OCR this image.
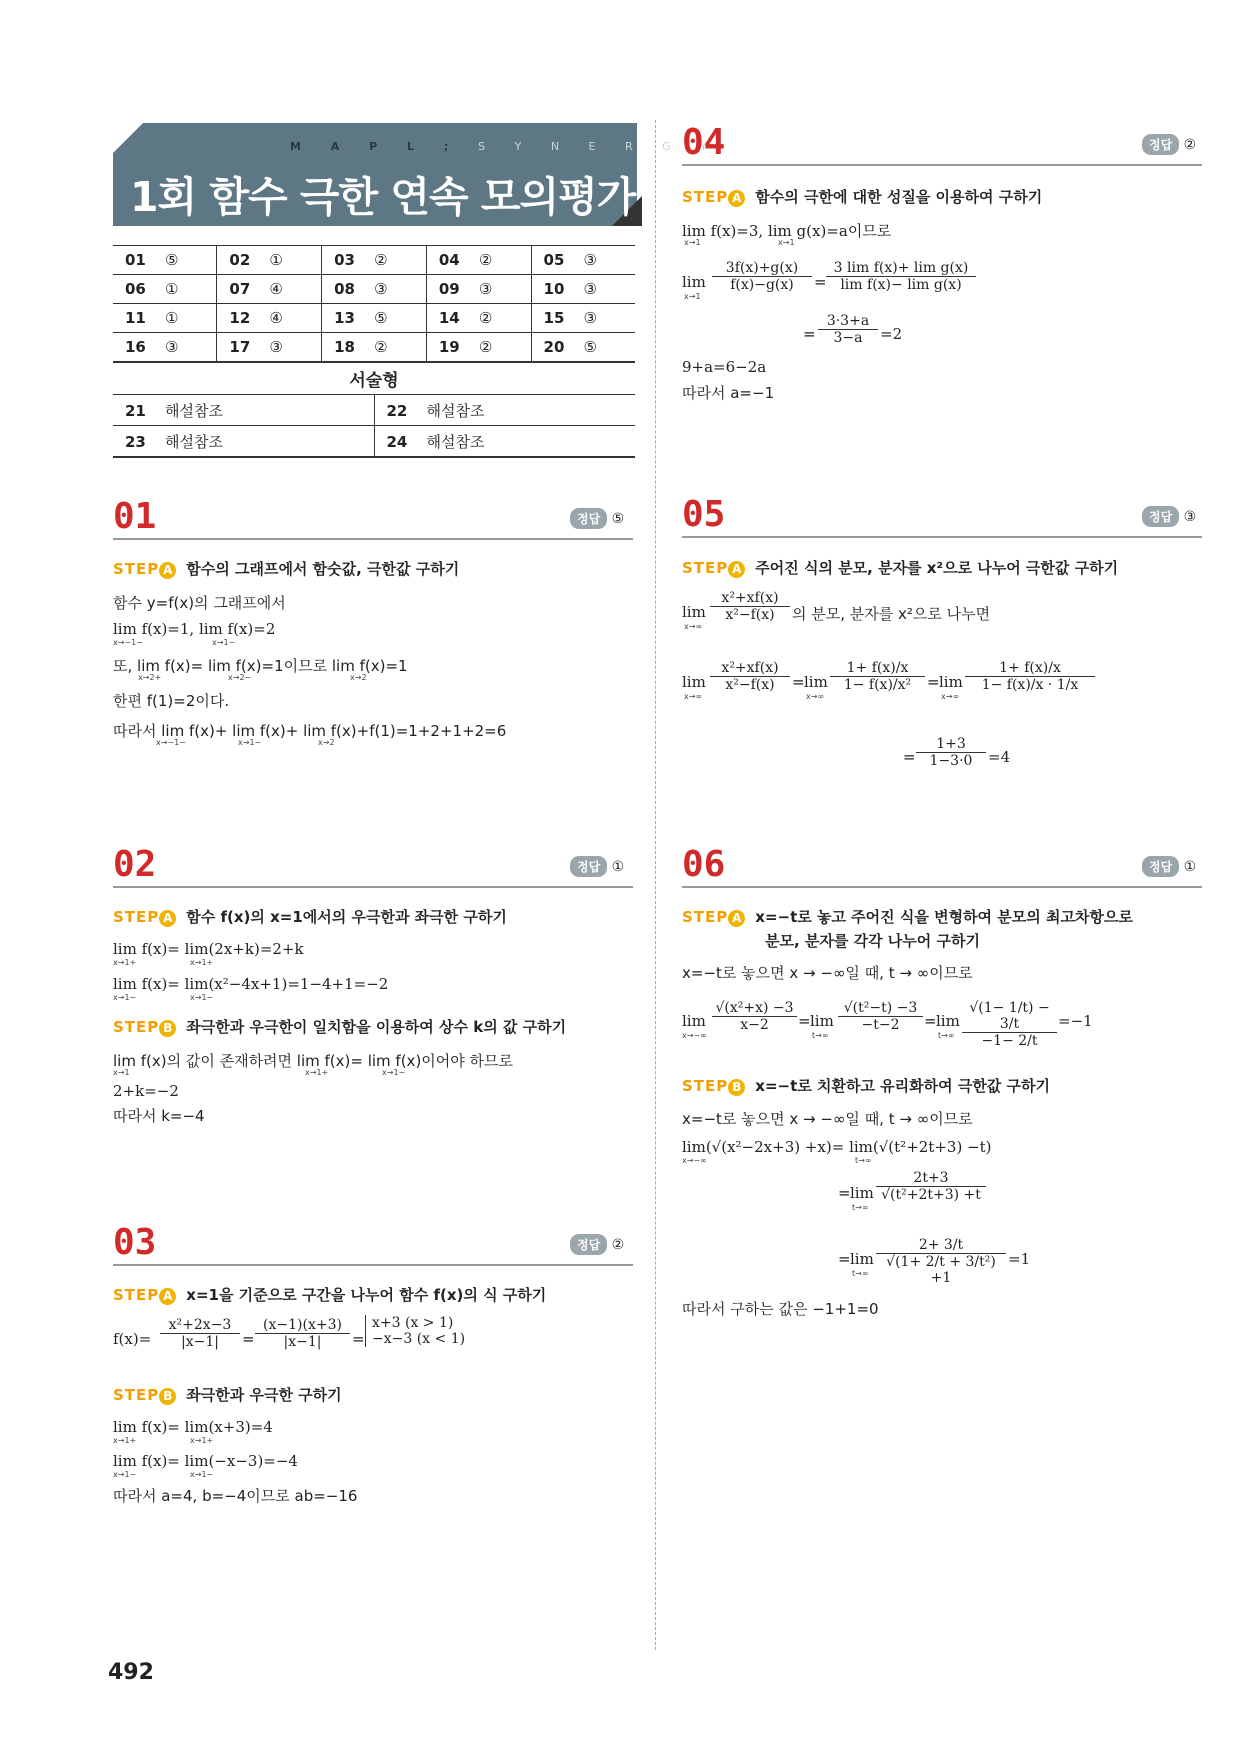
M A P L ; S Y N E R G Y
1회 함수 극한 연속 모의평가
01 ⑤	02 ①	03 ②	04 ②	05 ③
06 ①	07 ④	08 ③	09 ③	10 ③
11 ①	12 ④	13 ⑤	14 ②	15 ③
16 ③	17 ③	18 ②	19 ②	20 ⑤
서술형
21 해설참조	22 해설참조
23 해설참조	24 해설참조
01	정답 ⑤
STEP A 함수의 그래프에서 함숫값, 극한값 구하기
함수 y=f(x)의 그래프에서
lim f(x)=1, lim f(x)=2
x→−1−	x→1−
또, lim f(x)= lim f(x)=1이므로 lim f(x)=1
x→2+	x→2−	x→2
한편 f(1)=2이다.
따라서 lim f(x)+ lim f(x)+ lim f(x)+f(1)=1+2+1+2=6
x→−1−	x→1−	x→2
02	정답 ①
STEP A 함수 f(x)의 x=1에서의 우극한과 좌극한 구하기
lim f(x)= lim(2x+k)=2+k
x→1+	x→1+
lim f(x)= lim(x²−4x+1)=1−4+1=−2
x→1−	x→1−
STEP B 좌극한과 우극한이 일치함을 이용하여 상수 k의 값 구하기
lim f(x)의 값이 존재하려면 lim f(x)= lim f(x)이어야 하므로
x→1	x→1+	x→1−
2+k=−2
따라서 k=−4
03	정답 ②
STEP A x=1을 기준으로 구간을 나누어 함수 f(x)의 식 구하기
f(x)=
x²+2x−3
|x−1|	=
(x−1)(x+3)
|x−1|	=
x+3 (x > 1)
−x−3 (x < 1)
STEP B 좌극한과 우극한 구하기
lim f(x)= lim(x+3)=4
x→1+	x→1+
lim f(x)= lim(−x−3)=−4
x→1−	x→1−
따라서 a=4, b=−4이므로 ab=−16
04	정답 ②
STEP A 함수의 극한에 대한 성질을 이용하여 구하기
lim f(x)=3, lim g(x)=a이므로
x→1	x→1
lim
x→1
3f(x)+g(x)
f(x)−g(x)	=
3 lim f(x)+ lim g(x)
lim f(x)− lim g(x)
=
3·3+a
3−a	=2
9+a=6−2a
따라서 a=−1
05	정답 ③
STEP A 주어진 식의 분모, 분자를 x²으로 나누어 극한값 구하기
lim
x→∞
x²+xf(x)
x²−f(x)	의 분모, 분자를 x²으로 나누면
lim
x→∞
x²+xf(x)
x²−f(x)	= lim
x→∞
1+ f(x)/x
1− f(x)/x²	= lim
x→∞
1+ f(x)/x
1− f(x)/x · 1/x
=
1+3
1−3·0	=4
06	정답 ①
STEP A x=−t로 놓고 주어진 식을 변형하여 분모의 최고차항으로
분모, 분자를 각각 나누어 구하기
x=−t로 놓으면 x → −∞일 때, t → ∞이므로
lim
x→−∞
√(x²+x) −3
x−2	= lim
t→∞
√(t²−t) −3
−t−2	= lim
t→∞
√(1− 1/t) − 3/t
−1− 2/t
=−1
STEP B x=−t로 치환하고 유리화하여 극한값 구하기
x=−t로 놓으면 x → −∞일 때, t → ∞이므로
lim(√(x²−2x+3) +x)= lim(√(t²+2t+3) −t)
x→−∞	t→∞
= lim
t→∞
2t+3
√(t²+2t+3) +t
= lim
t→∞
2+ 3/t
√(1+ 2/t + 3/t²) +1
=1
따라서 구하는 값은 −1+1=0
492
